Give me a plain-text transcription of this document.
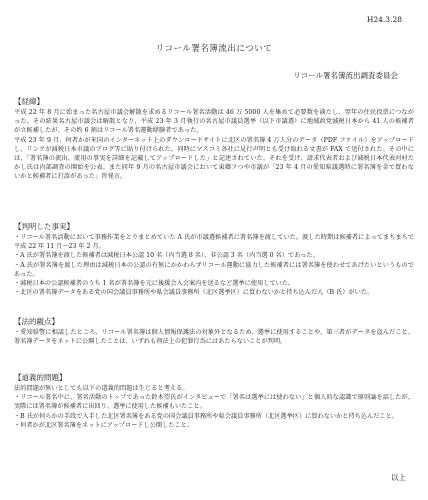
H24.3.28
リコール署名簿流出について
リコール署名簿流出調査委員会
【経緯】
平成 22 年 8 月に始まった名古屋市議会解散を求めるリコール署名活動は 46 万 5000 人を集めて必要数を満たし、翌年の住民投票につながった。その結果名古屋市議会は解散となり、平成 23 年 3 月執行の名古屋市議員選挙（以下市議選）に地域政党減税日本から 41 人の候補者が立候補したが、その約 6 割はリコール署名運動経験者であった。
平成 23 年 9 月、何者かが米国のインターネット上のダウンロードサイトに北区の署名簿 4 万人分のデータ（PDF ファイル）をアップロードし、リンクが減税日本市議のブログ等に貼り付けられた。同時にマスコミ各社に見行声明とも受け取れる文書が FAX で送付された。その中には、「署名簿の流出、流用の事実を詳細を記載してアップロードした」と記述されていた。それを受け、請求代表者および減税日本代表河村たかし氏は内部調査の開始を公表。また同年 9 月の名古屋市議会において東郷フつや市議が「23 年 4 月の愛知県議選時に署名簿を金で買わないかと候補者に打診があった」旨発言。
【判明した事実】
・リコール署名活動において事務作業をとりまとめていた A 氏が市議選候補者に署名簿を渡していた。渡した時期は候補者によってまちまちで平成 22 年 11 月～23 年 2 月。
・A 氏が署名簿を渡した候補者は減税日本公認 10 名（内当選 8 名）、非公認 3 名（内当選 0 名）であった。
・A 氏が署名簿を渡した理由は減税日本の公認の有無にかかわらずリコール運動に協力した候補者には署名簿を使わせてあげたいというものであった。
・減税日本の公認候補者のうち 1 名が署名簿を元に後援会入会案内を送るなど選挙に使用していた。
・北区の署名簿データをある党の国会議員事務所や県会議員事務所（北区選挙区）に買わないかと持ち込んだ人（B 氏）がいた。
【法的観点】
・愛知県警に相談したところ、リコール署名簿は個人情報保護法の対象外となるため、選挙に使用することや、第三者がデータを盗んだこと、署名簿データをネットに公開したことは、いずれも刑法上の犯罪行為にはあたらないことが判明。
【道義的問題】
法的問題が無いとしても以下の道義的問題は生じると考える。
・リコール署名中に、署名活動のトップであった鈴木望氏がインタビューで「署名は選挙には使わない」と個人的な認識で原則論を話したが、実際には署名簿が候補者に出回り、選挙に使用した候補もいたこと。
・B 氏が何らかの手段で入手した北区署名簿をある党の国会議員事務所や県会議員事務所（北区選挙区）に買わないかと持ち込んだこと。
・何者かが北区署名簿をネットにアップロードし公開したこと。
以上
